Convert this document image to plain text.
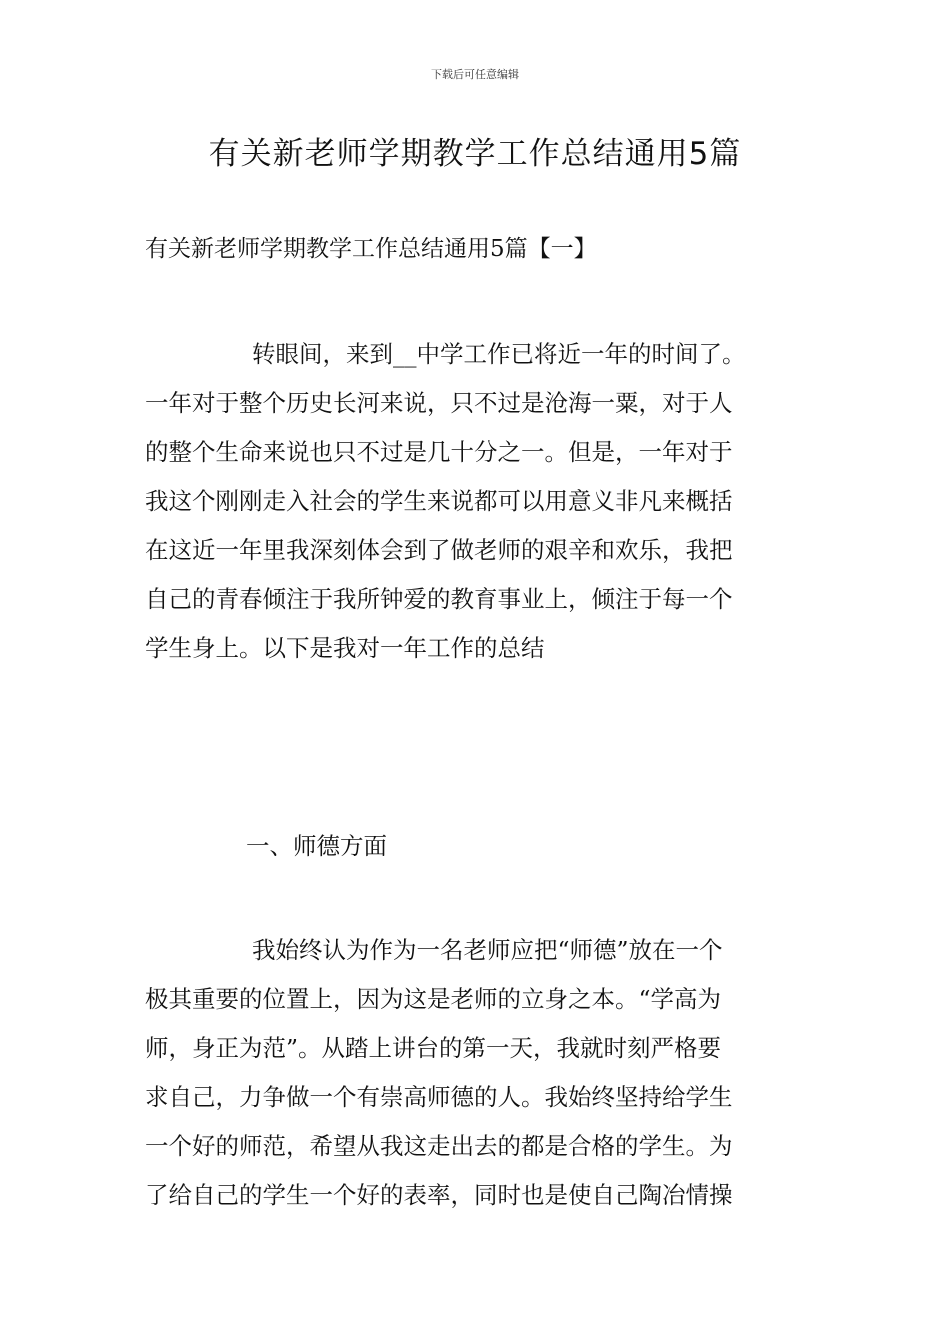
下载后可任意编辑
有关新老师学期教学工作总结通用5篇
有关新老师学期教学工作总结通用5篇【一】
转眼间，来到__中学工作已将近一年的时间了。
一年对于整个历史长河来说，只不过是沧海一粟，对于人
的整个生命来说也只不过是几十分之一。但是，一年对于
我这个刚刚走入社会的学生来说都可以用意义非凡来概括
在这近一年里我深刻体会到了做老师的艰辛和欢乐，我把
自己的青春倾注于我所钟爱的教育事业上，倾注于每一个
学生身上。以下是我对一年工作的总结
一、师德方面
我始终认为作为一名老师应把“师德”放在一个
极其重要的位置上，因为这是老师的立身之本。“学高为
师，身正为范”。从踏上讲台的第一天，我就时刻严格要
求自己，力争做一个有崇高师德的人。我始终坚持给学生
一个好的师范，希望从我这走出去的都是合格的学生。为
了给自己的学生一个好的表率，同时也是使自己陶冶情操
